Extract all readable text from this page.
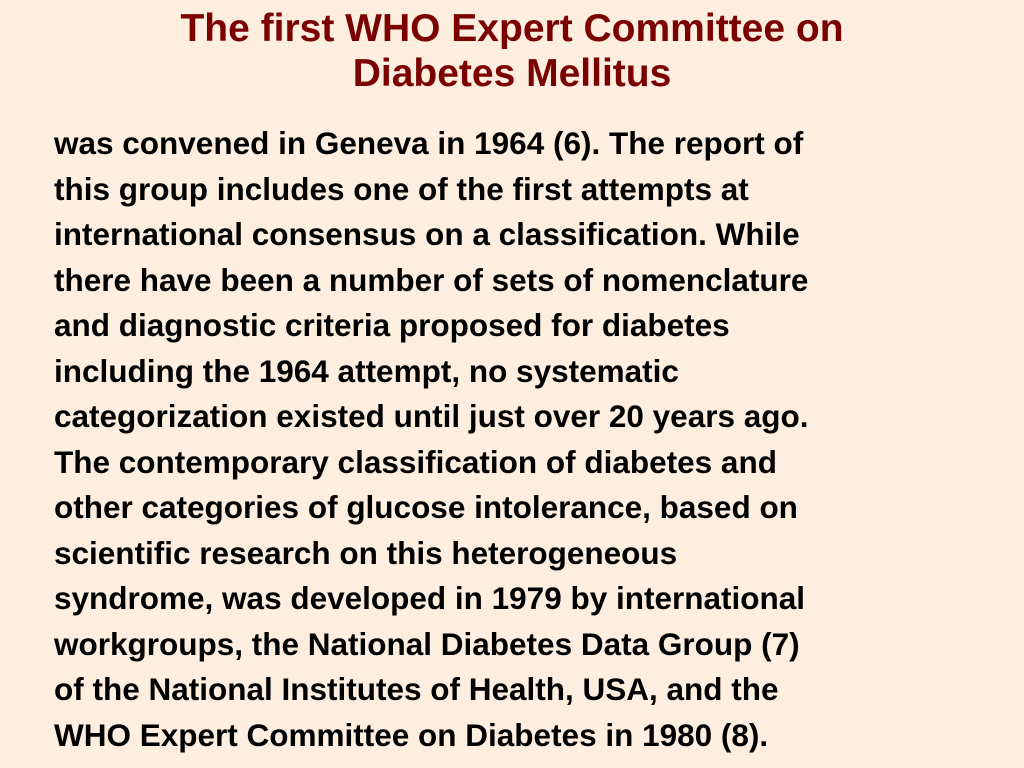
The first WHO Expert Committee on
Diabetes Mellitus
was convened in Geneva in 1964 (6). The report of
this group includes one of the first attempts at
international consensus on a classification. While
there have been a number of sets of nomenclature
and diagnostic criteria proposed for diabetes
including the 1964 attempt, no systematic
categorization existed until just over 20 years ago.
The contemporary classification of diabetes and
other categories of glucose intolerance, based on
scientific research on this heterogeneous
syndrome, was developed in 1979 by international
workgroups, the National Diabetes Data Group (7)
of the National Institutes of Health, USA, and the
WHO Expert Committee on Diabetes in 1980 (8).
